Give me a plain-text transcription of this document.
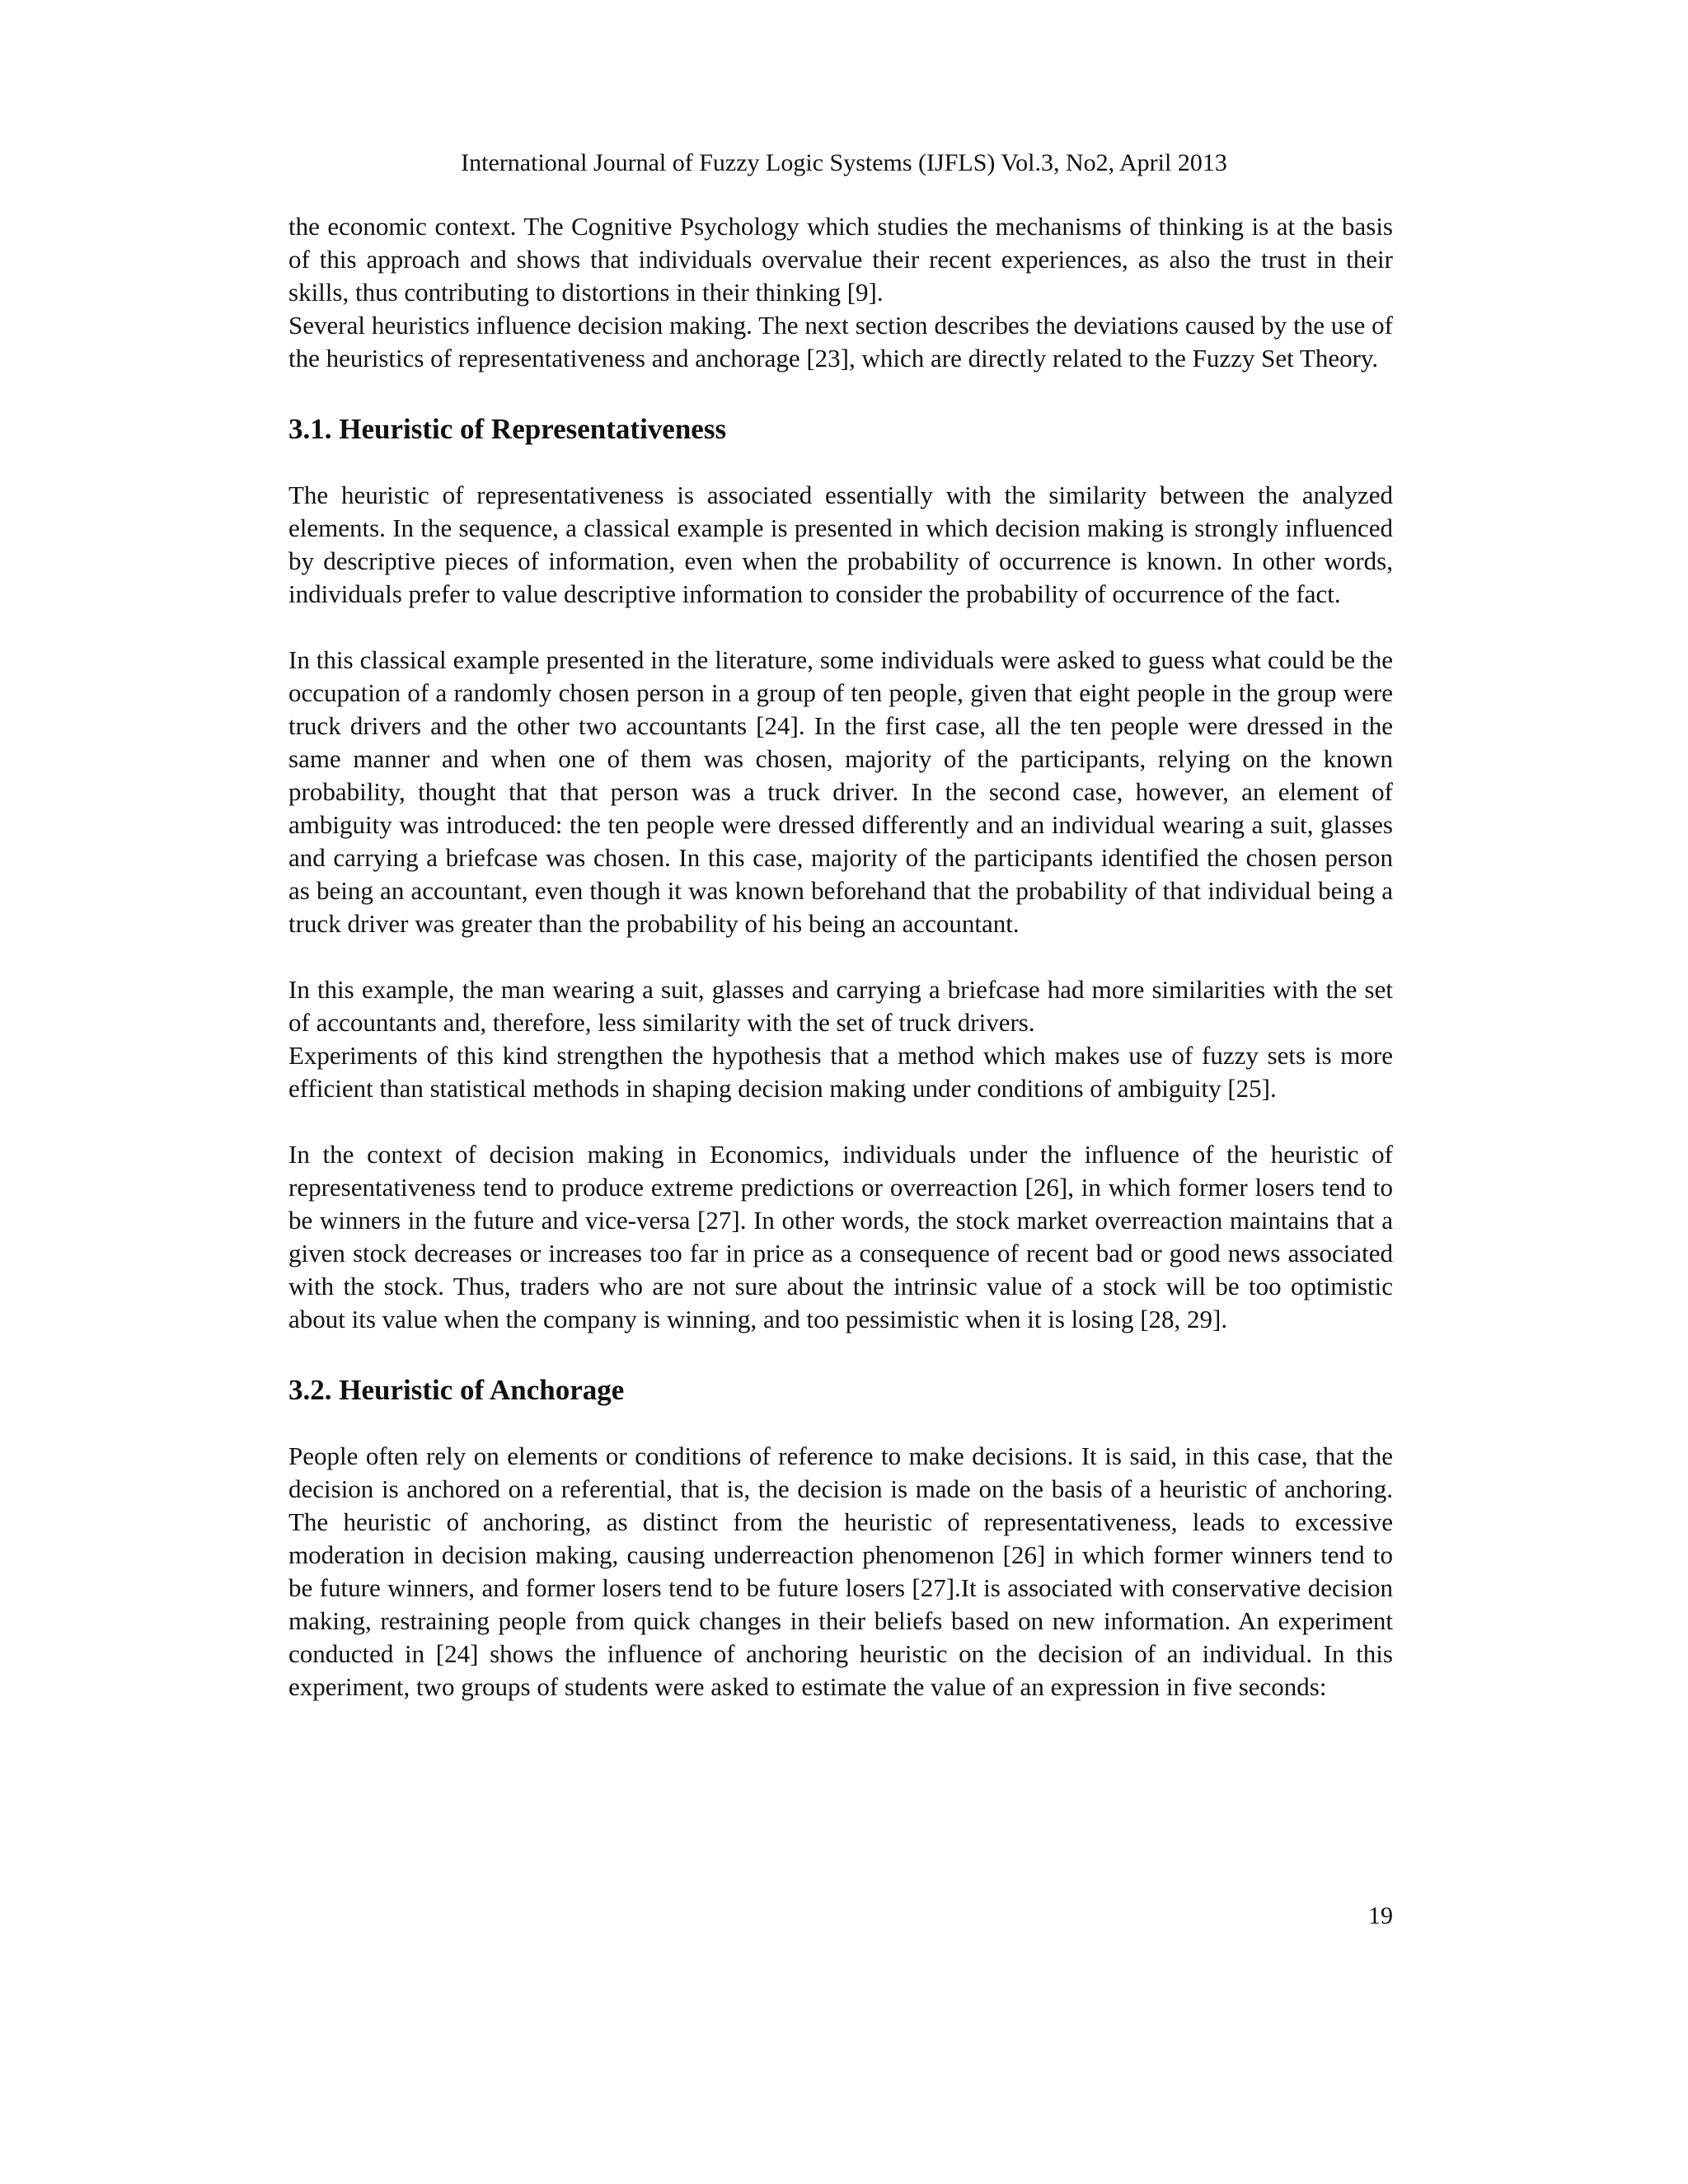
International Journal of Fuzzy Logic Systems (IJFLS) Vol.3, No2, April 2013

the economic context. The Cognitive Psychology which studies the mechanisms of thinking is at the basis of this approach and shows that individuals overvalue their recent experiences, as also the trust in their skills, thus contributing to distortions in their thinking [9].

Several heuristics influence decision making. The next section describes the deviations caused by the use of the heuristics of representativeness and anchorage [23], which are directly related to the Fuzzy Set Theory.

3.1. Heuristic of Representativeness

The heuristic of representativeness is associated essentially with the similarity between the analyzed elements. In the sequence, a classical example is presented in which decision making is strongly influenced by descriptive pieces of information, even when the probability of occurrence is known. In other words, individuals prefer to value descriptive information to consider the probability of occurrence of the fact.

In this classical example presented in the literature, some individuals were asked to guess what could be the occupation of a randomly chosen person in a group of ten people, given that eight people in the group were truck drivers and the other two accountants [24]. In the first case, all the ten people were dressed in the same manner and when one of them was chosen, majority of the participants, relying on the known probability, thought that that person was a truck driver. In the second case, however, an element of ambiguity was introduced: the ten people were dressed differently and an individual wearing a suit, glasses and carrying a briefcase was chosen. In this case, majority of the participants identified the chosen person as being an accountant, even though it was known beforehand that the probability of that individual being a truck driver was greater than the probability of his being an accountant.

In this example, the man wearing a suit, glasses and carrying a briefcase had more similarities with the set of accountants and, therefore, less similarity with the set of truck drivers.

Experiments of this kind strengthen the hypothesis that a method which makes use of fuzzy sets is more efficient than statistical methods in shaping decision making under conditions of ambiguity [25].

In the context of decision making in Economics, individuals under the influence of the heuristic of representativeness tend to produce extreme predictions or overreaction [26], in which former losers tend to be winners in the future and vice-versa [27]. In other words, the stock market overreaction maintains that a given stock decreases or increases too far in price as a consequence of recent bad or good news associated with the stock. Thus, traders who are not sure about the intrinsic value of a stock will be too optimistic about its value when the company is winning, and too pessimistic when it is losing [28, 29].

3.2. Heuristic of Anchorage

People often rely on elements or conditions of reference to make decisions. It is said, in this case, that the decision is anchored on a referential, that is, the decision is made on the basis of a heuristic of anchoring. The heuristic of anchoring, as distinct from the heuristic of representativeness, leads to excessive moderation in decision making, causing underreaction phenomenon [26] in which former winners tend to be future winners, and former losers tend to be future losers [27].It is associated with conservative decision making, restraining people from quick changes in their beliefs based on new information. An experiment conducted in [24] shows the influence of anchoring heuristic on the decision of an individual. In this experiment, two groups of students were asked to estimate the value of an expression in five seconds:

19
